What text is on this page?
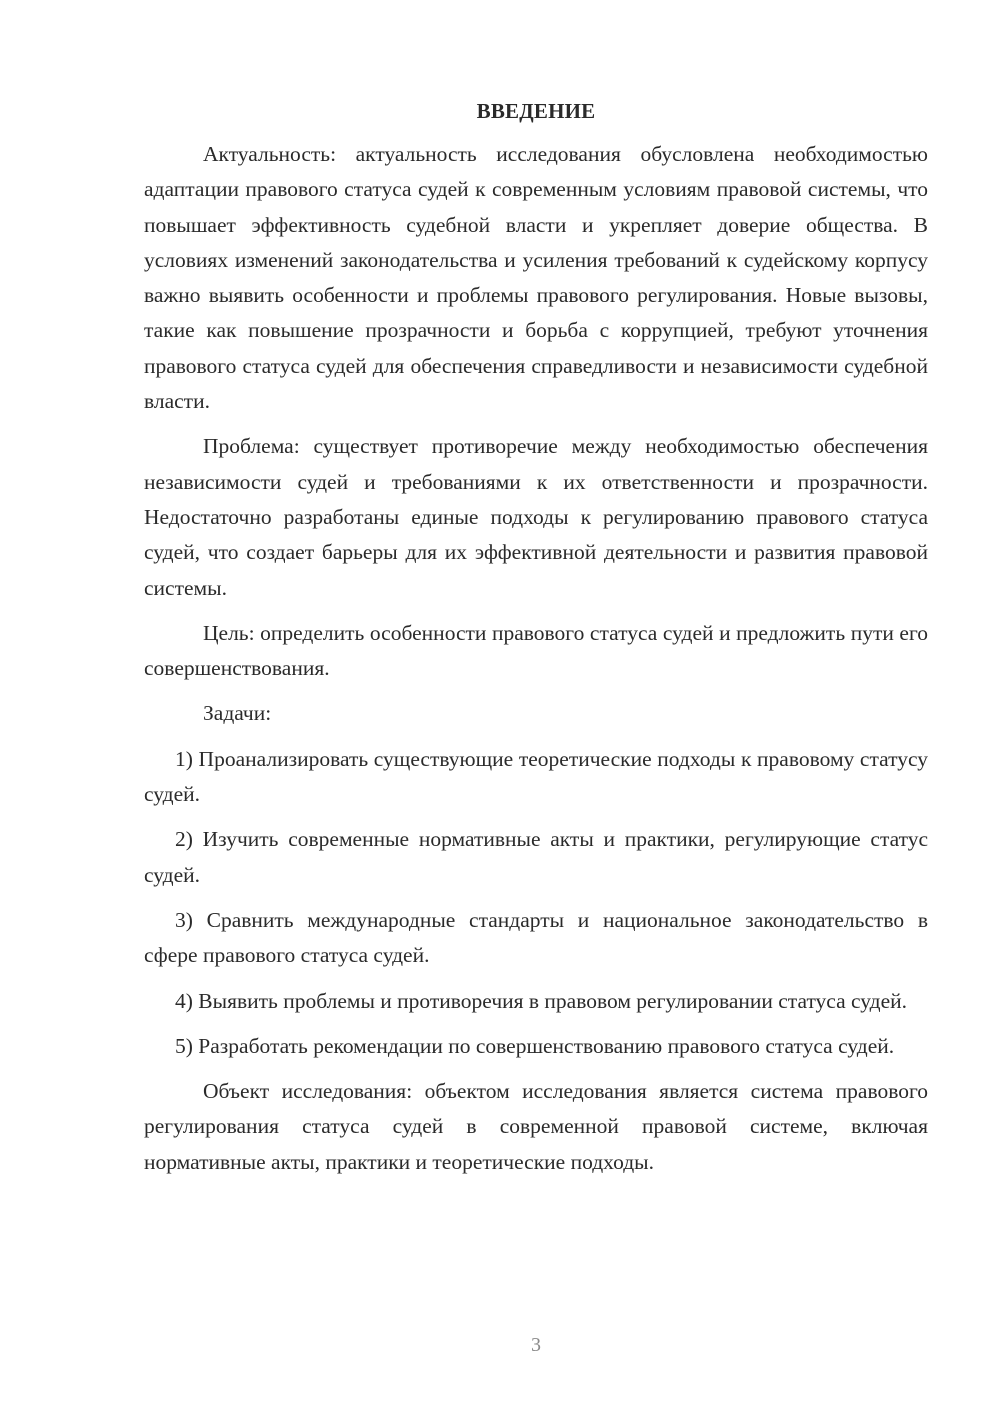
ВВЕДЕНИЕ

Актуальность: актуальность исследования обусловлена необходимостью адаптации правового статуса судей к современным условиям правовой системы, что повышает эффективность судебной власти и укрепляет доверие общества. В условиях изменений законодательства и усиления требований к судейскому корпусу важно выявить особенности и проблемы правового регулирования. Новые вызовы, такие как повышение прозрачности и борьба с коррупцией, требуют уточнения правового статуса судей для обеспечения справедливости и независимости судебной власти.

Проблема: существует противоречие между необходимостью обеспечения независимости судей и требованиями к их ответственности и прозрачности. Недостаточно разработаны единые подходы к регулированию правового статуса судей, что создает барьеры для их эффективной деятельности и развития правовой системы.

Цель: определить особенности правового статуса судей и предложить пути его совершенствования.

Задачи:

1) Проанализировать существующие теоретические подходы к правовому статусу судей.

2) Изучить современные нормативные акты и практики, регулирующие статус судей.

3) Сравнить международные стандарты и национальное законодательство в сфере правового статуса судей.

4) Выявить проблемы и противоречия в правовом регулировании статуса судей.

5) Разработать рекомендации по совершенствованию правового статуса судей.

Объект исследования: объектом исследования является система правового регулирования статуса судей в современной правовой системе, включая нормативные акты, практики и теоретические подходы.

3
